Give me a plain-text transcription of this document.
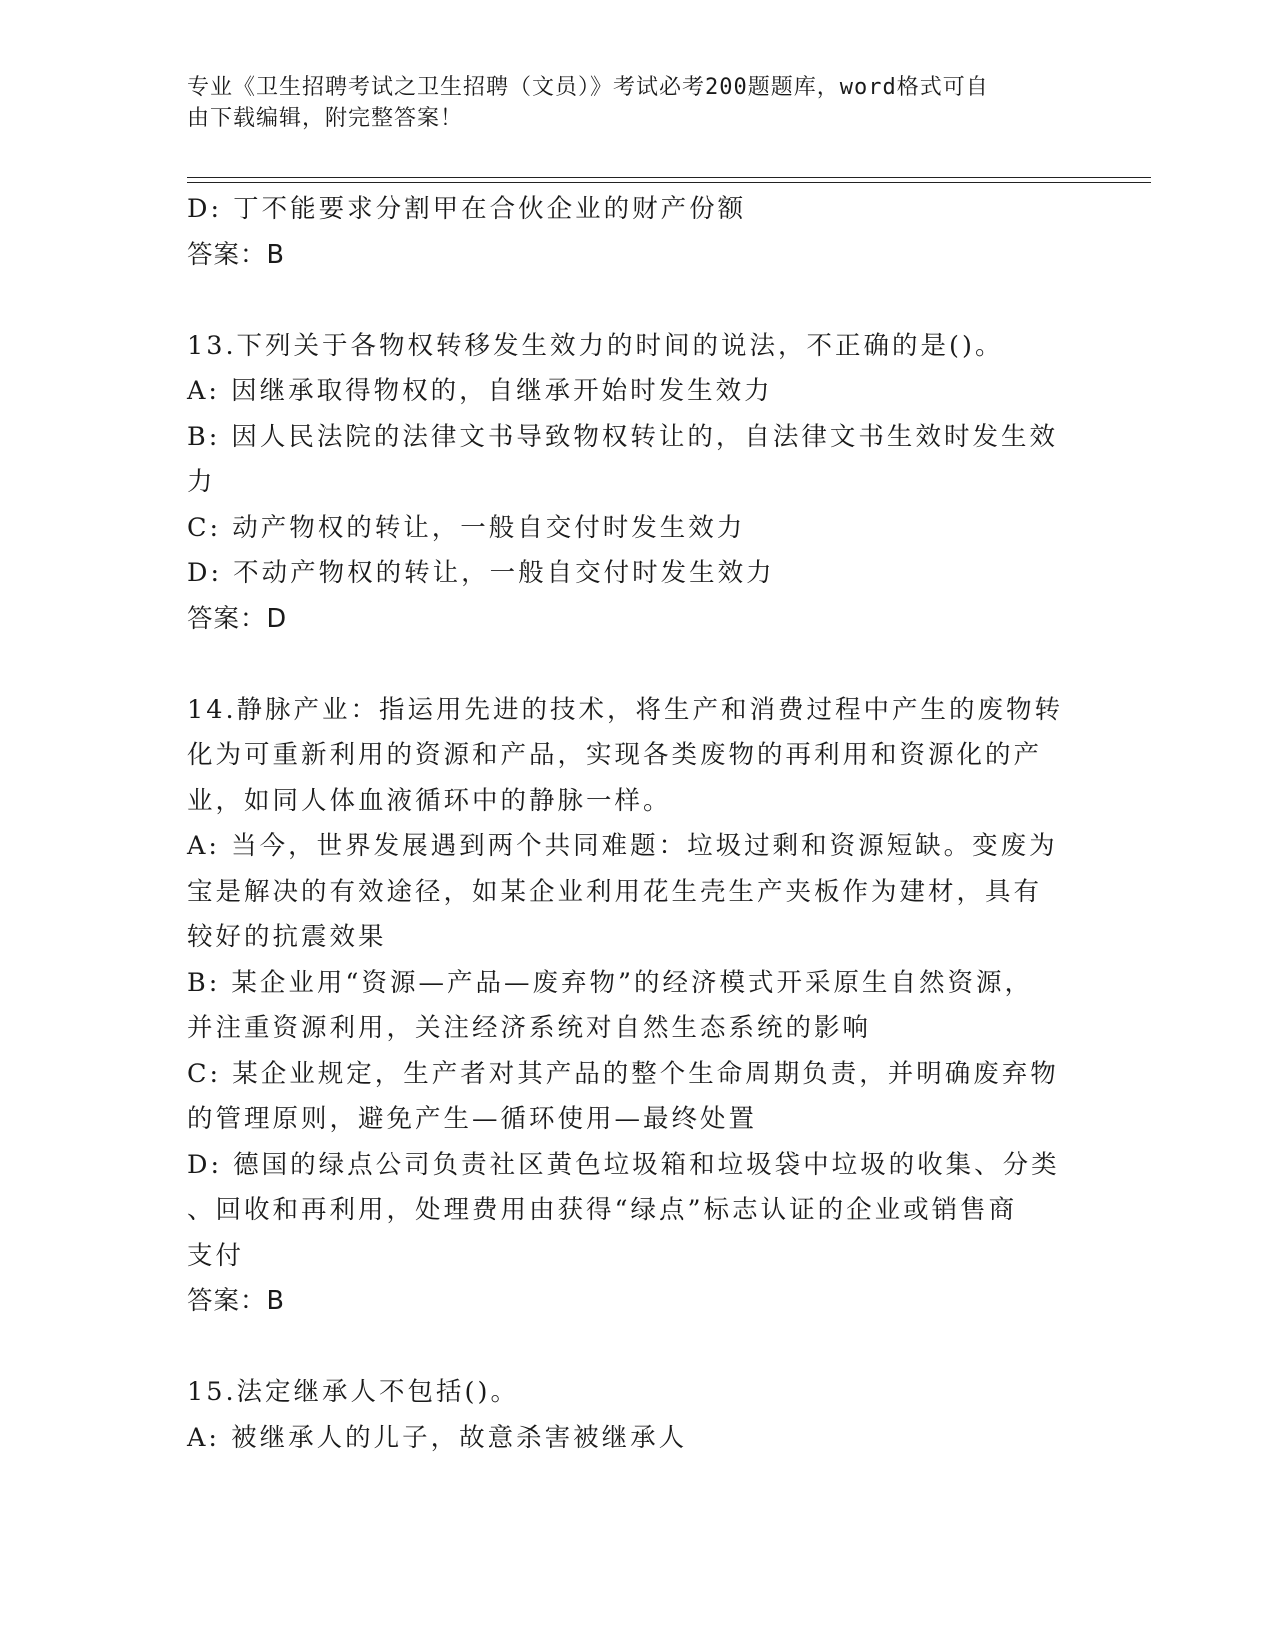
专业《卫生招聘考试之卫生招聘（文员）》考试必考200题题库，word格式可自
由下载编辑，附完整答案！
D: 丁不能要求分割甲在合伙企业的财产份额
答案：B
13.下列关于各物权转移发生效力的时间的说法，不正确的是()。
A: 因继承取得物权的，自继承开始时发生效力
B: 因人民法院的法律文书导致物权转让的，自法律文书生效时发生效
力
C: 动产物权的转让，一般自交付时发生效力
D: 不动产物权的转让，一般自交付时发生效力
答案：D
14.静脉产业：指运用先进的技术，将生产和消费过程中产生的废物转
化为可重新利用的资源和产品，实现各类废物的再利用和资源化的产
业，如同人体血液循环中的静脉一样。
A: 当今，世界发展遇到两个共同难题：垃圾过剩和资源短缺。变废为
宝是解决的有效途径，如某企业利用花生壳生产夹板作为建材，具有
较好的抗震效果
B: 某企业用“资源—产品—废弃物”的经济模式开采原生自然资源，
并注重资源利用，关注经济系统对自然生态系统的影响
C: 某企业规定，生产者对其产品的整个生命周期负责，并明确废弃物
的管理原则，避免产生—循环使用—最终处置
D: 德国的绿点公司负责社区黄色垃圾箱和垃圾袋中垃圾的收集、分类
、回收和再利用，处理费用由获得“绿点”标志认证的企业或销售商
支付
答案：B
15.法定继承人不包括()。
A: 被继承人的儿子，故意杀害被继承人
